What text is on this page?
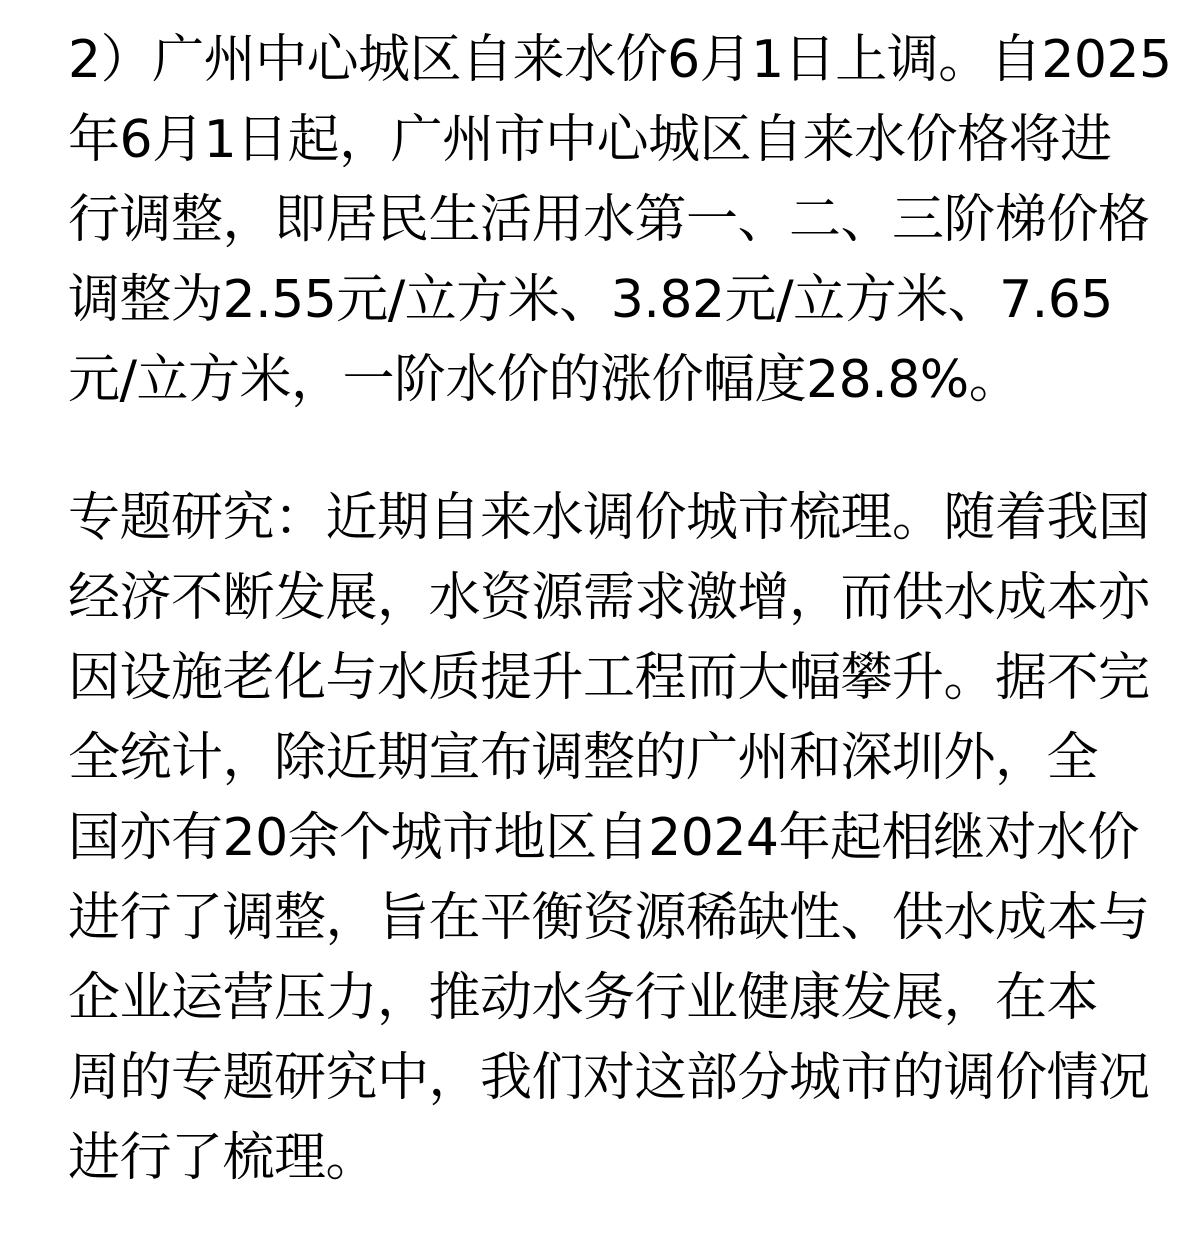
2）广州中心城区自来水价6月1日上调。自2025
年6月1日起，广州市中心城区自来水价格将进
行调整，即居民生活用水第一、二、三阶梯价格
调整为2.55元/立方米、3.82元/立方米、7.65
元/立方米，一阶水价的涨价幅度28.8%。
专题研究：近期自来水调价城市梳理。随着我国
经济不断发展，水资源需求激增，而供水成本亦
因设施老化与水质提升工程而大幅攀升。据不完
全统计，除近期宣布调整的广州和深圳外，全
国亦有20余个城市地区自2024年起相继对水价
进行了调整，旨在平衡资源稀缺性、供水成本与
企业运营压力，推动水务行业健康发展，在本
周的专题研究中，我们对这部分城市的调价情况
进行了梳理。
